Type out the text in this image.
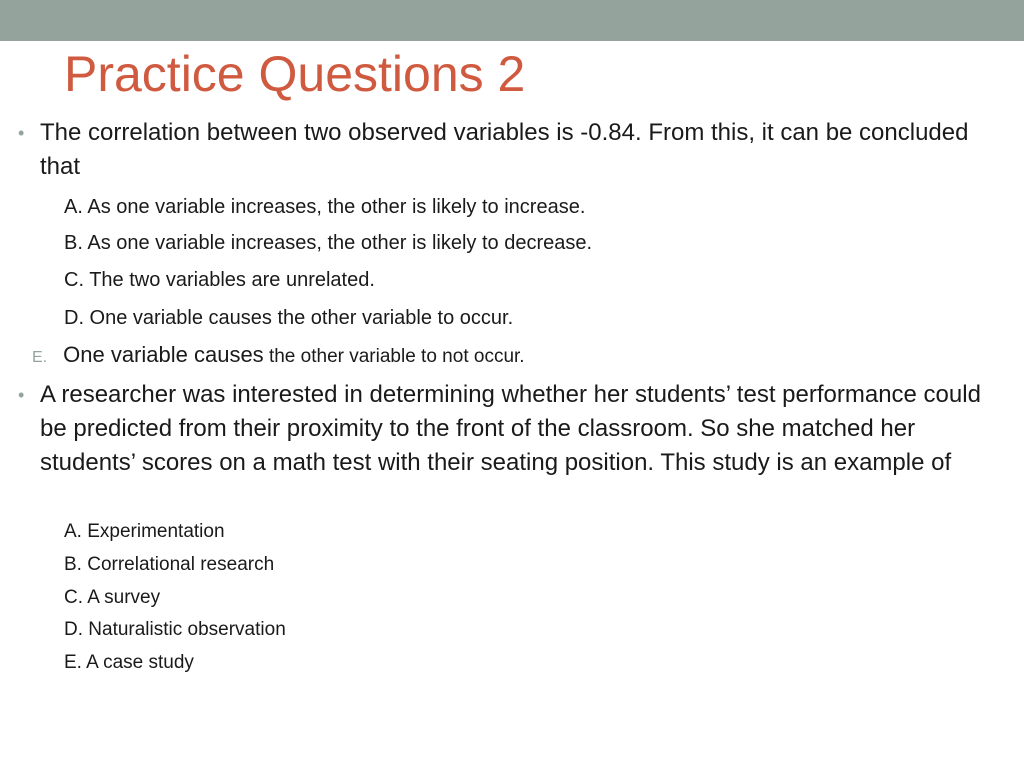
Practice Questions 2
• The correlation between two observed variables is -0.84. From this, it can be concluded that
A. As one variable increases, the other is likely to increase.
B. As one variable increases, the other is likely to decrease.
C. The two variables are unrelated.
D. One variable causes the other variable to occur.
E. One variable causes the other variable to not occur.
• A researcher was interested in determining whether her students’ test performance could be predicted from their proximity to the front of the classroom. So she matched her students’ scores on a math test with their seating position. This study is an example of
A. Experimentation
B. Correlational research
C. A survey
D. Naturalistic observation
E. A case study
